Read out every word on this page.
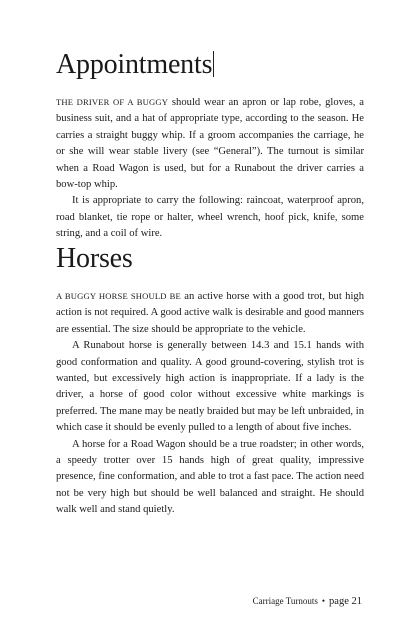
Appointments

THE DRIVER OF A BUGGY should wear an apron or lap robe, gloves, a business suit, and a hat of appropriate type, according to the season. He carries a straight buggy whip. If a groom accompanies the carriage, he or she will wear stable livery (see “General”). The turnout is similar when a Road Wagon is used, but for a Runabout the driver carries a bow-top whip.

It is appropriate to carry the following: raincoat, waterproof apron, road blanket, tie rope or halter, wheel wrench, hoof pick, knife, some string, and a coil of wire.

Horses

A BUGGY HORSE SHOULD BE an active horse with a good trot, but high action is not required. A good active walk is desirable and good manners are essential. The size should be appropriate to the vehicle.

A Runabout horse is generally between 14.3 and 15.1 hands with good conformation and quality. A good ground-covering, stylish trot is wanted, but excessively high action is inappropriate. If a lady is the driver, a horse of good color without excessive white markings is preferred. The mane may be neatly braided but may be left unbraided, in which case it should be evenly pulled to a length of about five inches.

A horse for a Road Wagon should be a true roadster; in other words, a speedy trotter over 15 hands high of great quality, impressive presence, fine conformation, and able to trot a fast pace. The action need not be very high but should be well balanced and straight. He should walk well and stand quietly.

Carriage Turnouts • page 21
